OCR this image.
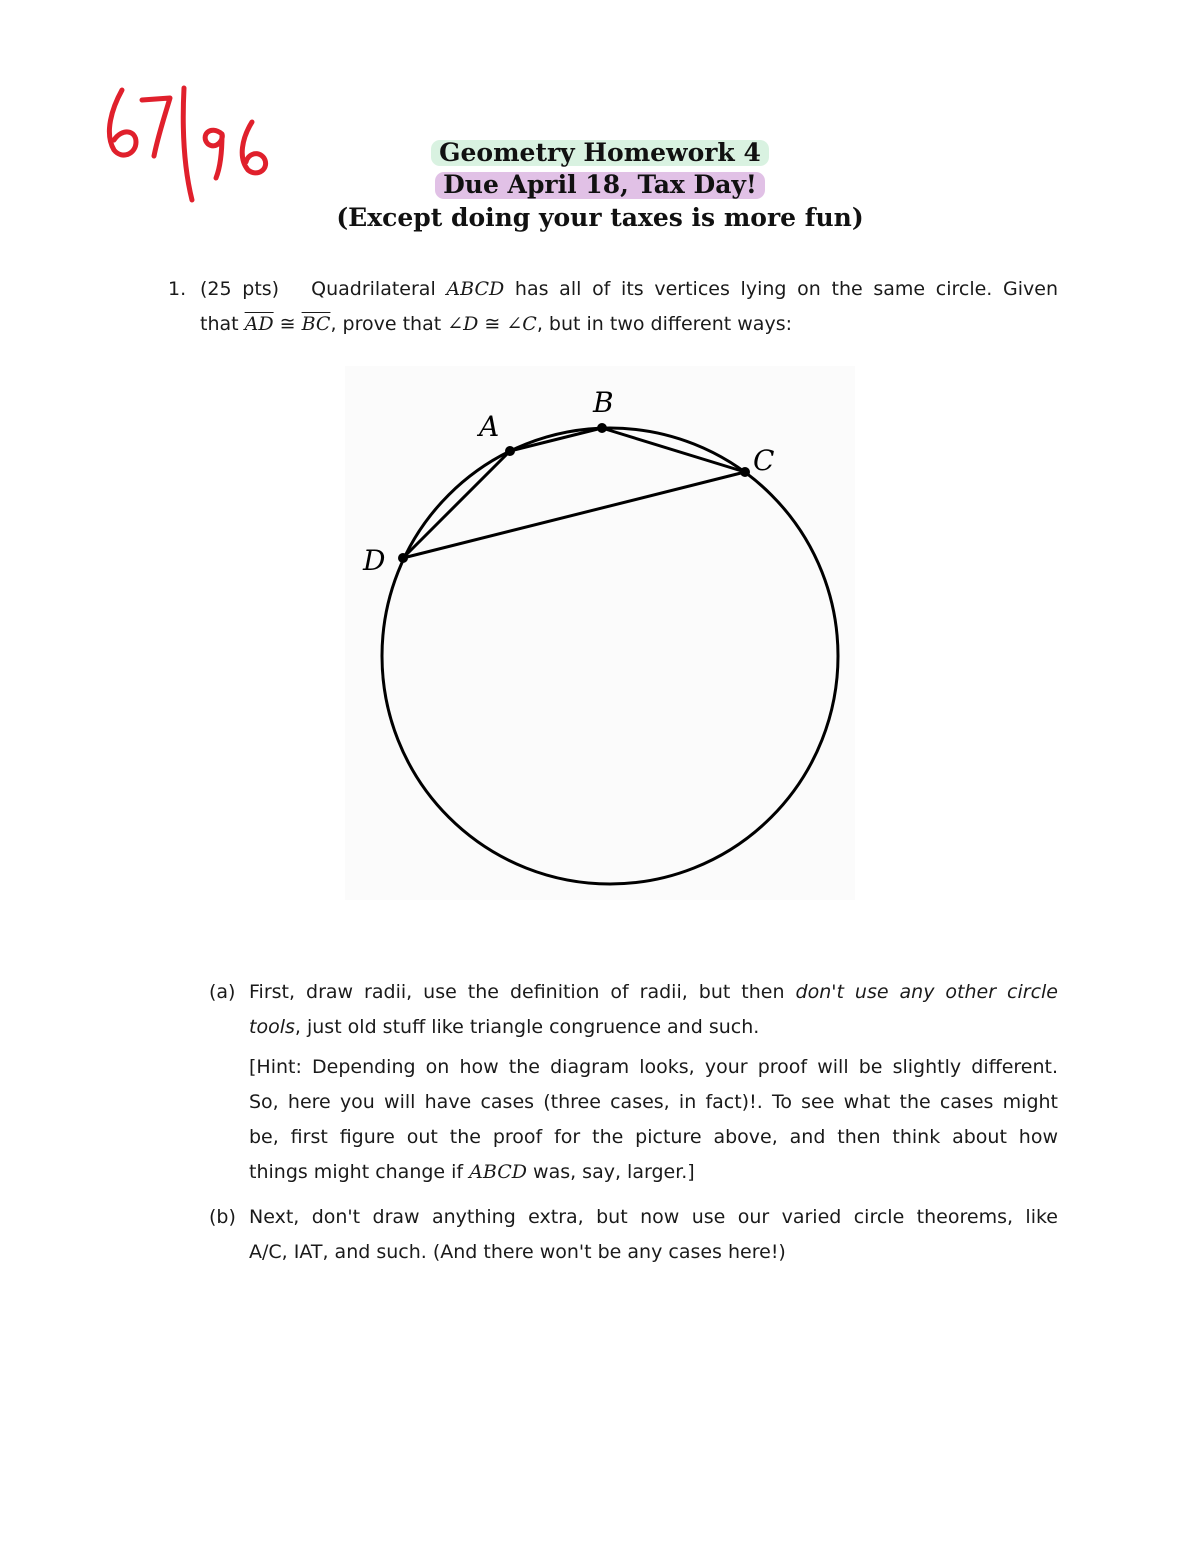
Geometry Homework 4
Due April 18, Tax Day!
(Except doing your taxes is more fun)
1. (25 pts) Quadrilateral ABCD has all of its vertices lying on the same circle. Given
that $\overline{AD}$ ≅ $\overline{BC}$, prove that ∠D ≅ ∠C, but in two different ways:
A
B
C
D
(a) First, draw radii, use the definition of radii, but then don't use any other circle
tools, just old stuff like triangle congruence and such.
[Hint: Depending on how the diagram looks, your proof will be slightly different.
So, here you will have cases (three cases, in fact)!. To see what the cases might
be, first figure out the proof for the picture above, and then think about how
things might change if ABCD was, say, larger.]
(b) Next, don't draw anything extra, but now use our varied circle theorems, like
A/C, IAT, and such. (And there won't be any cases here!)
